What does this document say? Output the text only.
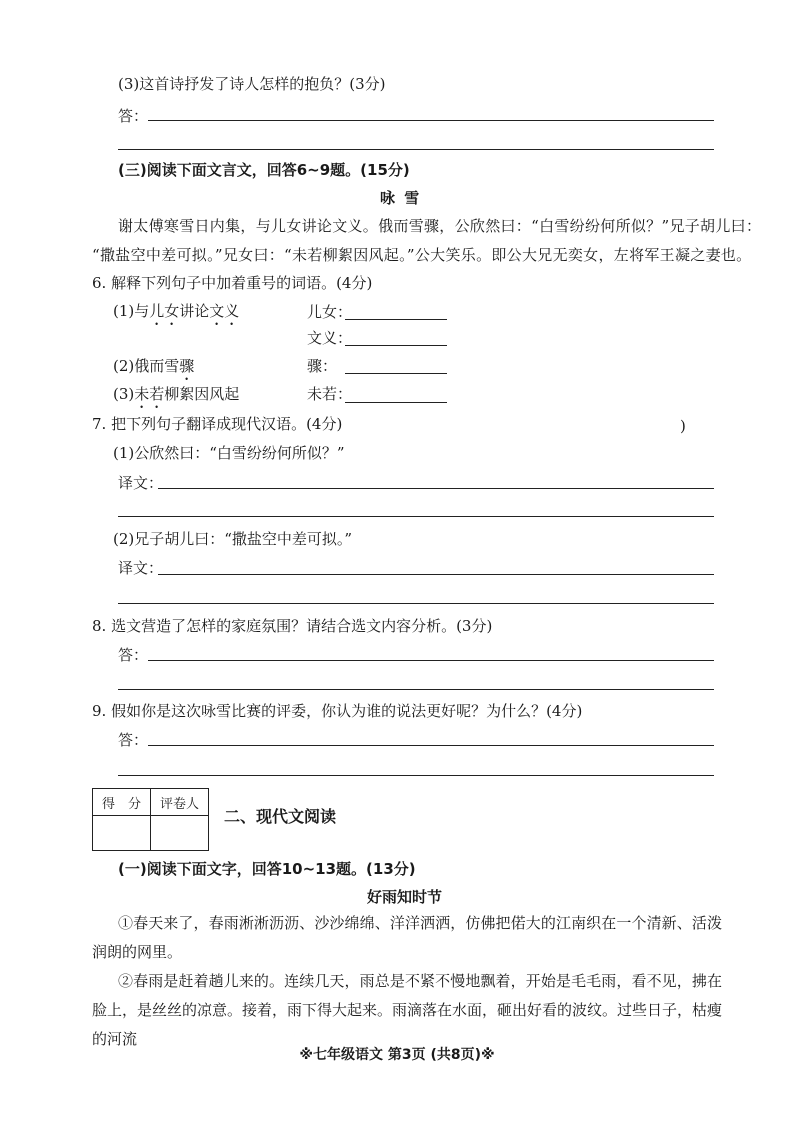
(3)这首诗抒发了诗人怎样的抱负？(3分)
答：
(三)阅读下面文言文，回答6~9题。(15分)
咏 雪
谢太傅寒雪日内集，与儿女讲论文义。俄而雪骤，公欣然曰：“白雪纷纷何所似？”兄子胡儿曰：
“撒盐空中差可拟。”兄女曰：“未若柳絮因风起。”公大笑乐。即公大兄无奕女，左将军王凝之妻也。
6. 解释下列句子中加着重号的词语。(4分)
(1)与儿女讲论文义	儿女：
文义：
(2)俄而雪骤	骤：
(3)未若柳絮因风起	未若：
7. 把下列句子翻译成现代汉语。(4分)	)
(1)公欣然曰：“白雪纷纷何所似？”
译文：
(2)兄子胡儿曰：“撒盐空中差可拟。”
译文：
8. 选文营造了怎样的家庭氛围？请结合选文内容分析。(3分)
答：
9. 假如你是这次咏雪比赛的评委，你认为谁的说法更好呢？为什么？(4分)
答：
得　分	评卷人

二、现代文阅读
(一)阅读下面文字，回答10~13题。(13分)
好雨知时节
①春天来了，春雨淅淅沥沥、沙沙绵绵、洋洋洒洒，仿佛把偌大的江南织在一个清新、活泼 润朗的网里。
②春雨是赶着趟儿来的。连续几天，雨总是不紧不慢地飘着，开始是毛毛雨，看不见，拂在脸上，是丝丝的凉意。接着，雨下得大起来。雨滴落在水面，砸出好看的波纹。过些日子，枯瘦的河流
※七年级语文 第3页 (共8页)※
